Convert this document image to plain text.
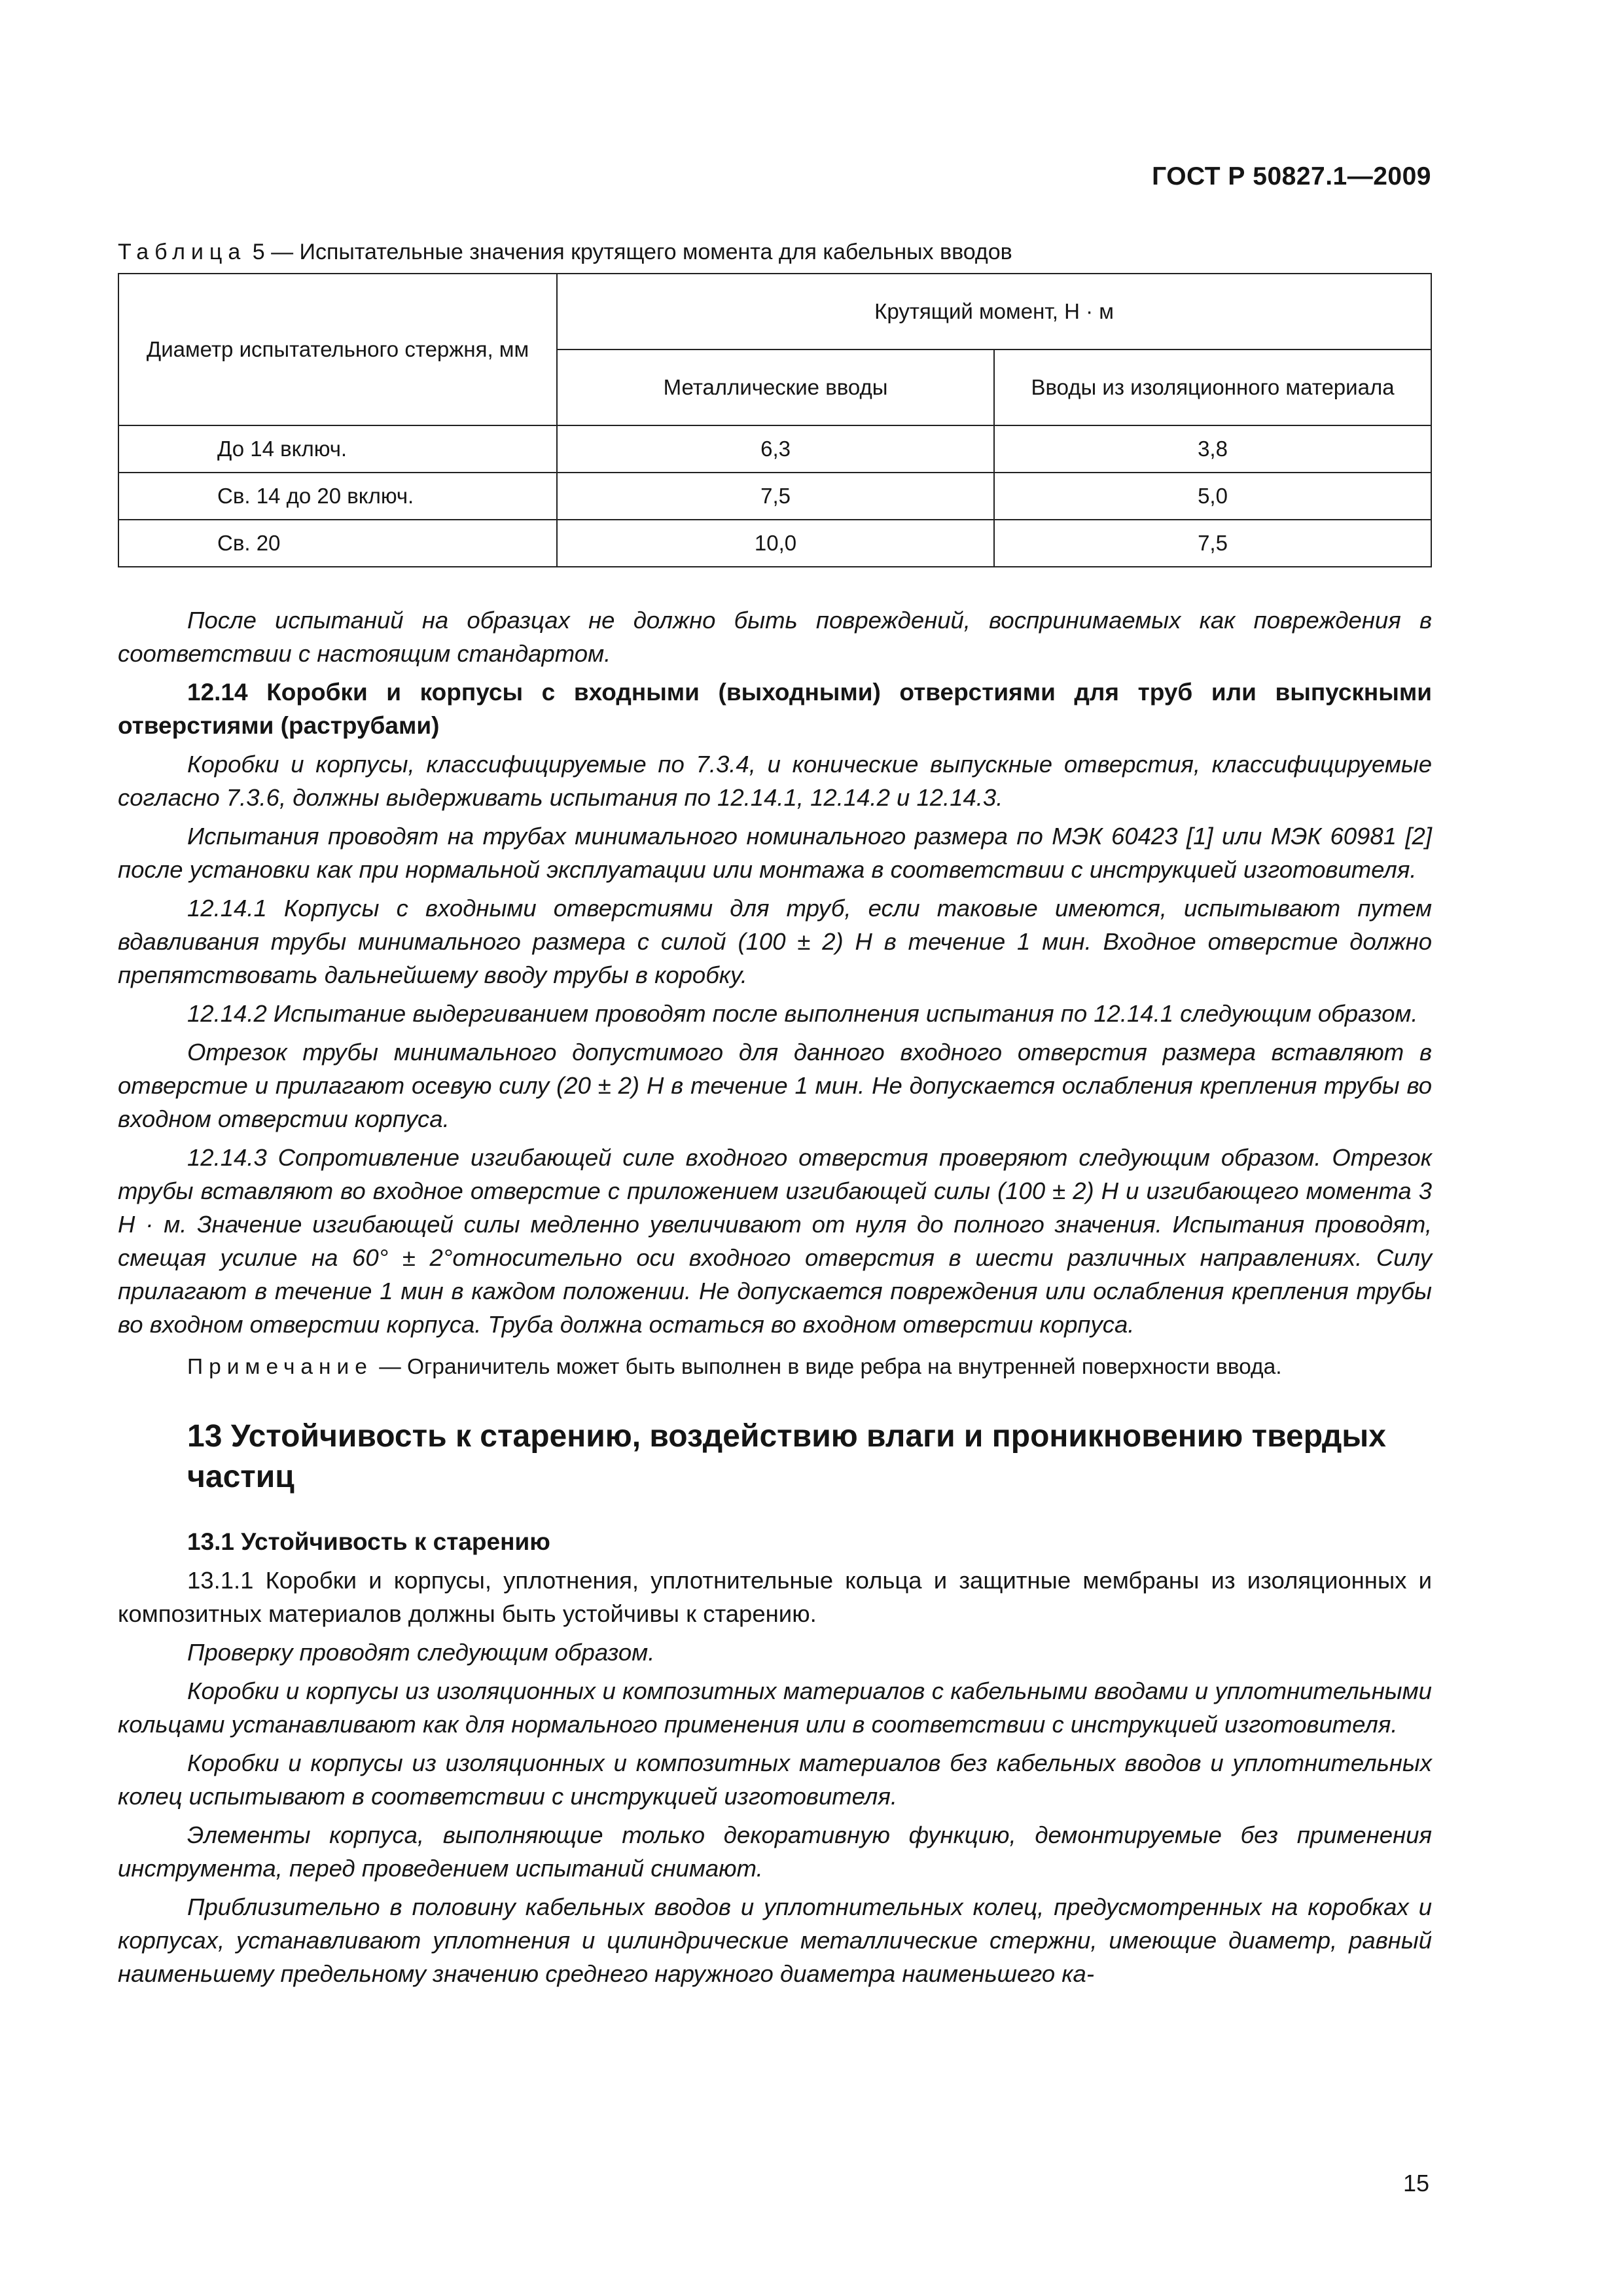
ГОСТ Р 50827.1—2009
Таблица 5 — Испытательные значения крутящего момента для кабельных вводов
Диаметр испытательного стержня, мм	Крутящий момент, Н · м	
	Металлические вводы	Вводы из изоляционного материала
До 14 включ.	6,3	3,8
Св. 14 до 20 включ.	7,5	5,0
Св. 20	10,0	7,5

После испытаний на образцах не должно быть повреждений, воспринимаемых как повреждения в соответствии с настоящим стандартом.

12.14 Коробки и корпусы с входными (выходными) отверстиями для труб или выпускными отверстиями (раструбами)

Коробки и корпусы, классифицируемые по 7.3.4, и конические выпускные отверстия, классифицируемые согласно 7.3.6, должны выдерживать испытания по 12.14.1, 12.14.2 и 12.14.3.

Испытания проводят на трубах минимального номинального размера по МЭК 60423 [1] или МЭК 60981 [2] после установки как при нормальной эксплуатации или монтажа в соответствии с инструкцией изготовителя.

12.14.1 Корпусы с входными отверстиями для труб, если таковые имеются, испытывают путем вдавливания трубы минимального размера с силой (100 ± 2) Н в течение 1 мин. Входное отверстие должно препятствовать дальнейшему вводу трубы в коробку.

12.14.2 Испытание выдергиванием проводят после выполнения испытания по 12.14.1 следующим образом.

Отрезок трубы минимального допустимого для данного входного отверстия размера вставляют в отверстие и прилагают осевую силу (20 ± 2) Н в течение 1 мин. Не допускается ослабления крепления трубы во входном отверстии корпуса.

12.14.3 Сопротивление изгибающей силе входного отверстия проверяют следующим образом. Отрезок трубы вставляют во входное отверстие с приложением изгибающей силы (100 ± 2) Н и изгибающего момента 3 Н · м. Значение изгибающей силы медленно увеличивают от нуля до полного значения. Испытания проводят, смещая усилие на 60° ± 2°относительно оси входного отверстия в шести различных направлениях. Силу прилагают в течение 1 мин в каждом положении. Не допускается повреждения или ослабления крепления трубы во входном отверстии корпуса. Труба должна остаться во входном отверстии корпуса.

Примечание — Ограничитель может быть выполнен в виде ребра на внутренней поверхности ввода.

13 Устойчивость к старению, воздействию влаги и проникновению твердых частиц

13.1 Устойчивость к старению

13.1.1 Коробки и корпусы, уплотнения, уплотнительные кольца и защитные мембраны из изоляционных и композитных материалов должны быть устойчивы к старению.

Проверку проводят следующим образом.

Коробки и корпусы из изоляционных и композитных материалов с кабельными вводами и уплотнительными кольцами устанавливают как для нормального применения или в соответствии с инструкцией изготовителя.

Коробки и корпусы из изоляционных и композитных материалов без кабельных вводов и уплотнительных колец испытывают в соответствии с инструкцией изготовителя.

Элементы корпуса, выполняющие только декоративную функцию, демонтируемые без применения инструмента, перед проведением испытаний снимают.

Приблизительно в половину кабельных вводов и уплотнительных колец, предусмотренных на коробках и корпусах, устанавливают уплотнения и цилиндрические металлические стержни, имеющие диаметр, равный наименьшему предельному значению среднего наружного диаметра наименьшего ка-

15
